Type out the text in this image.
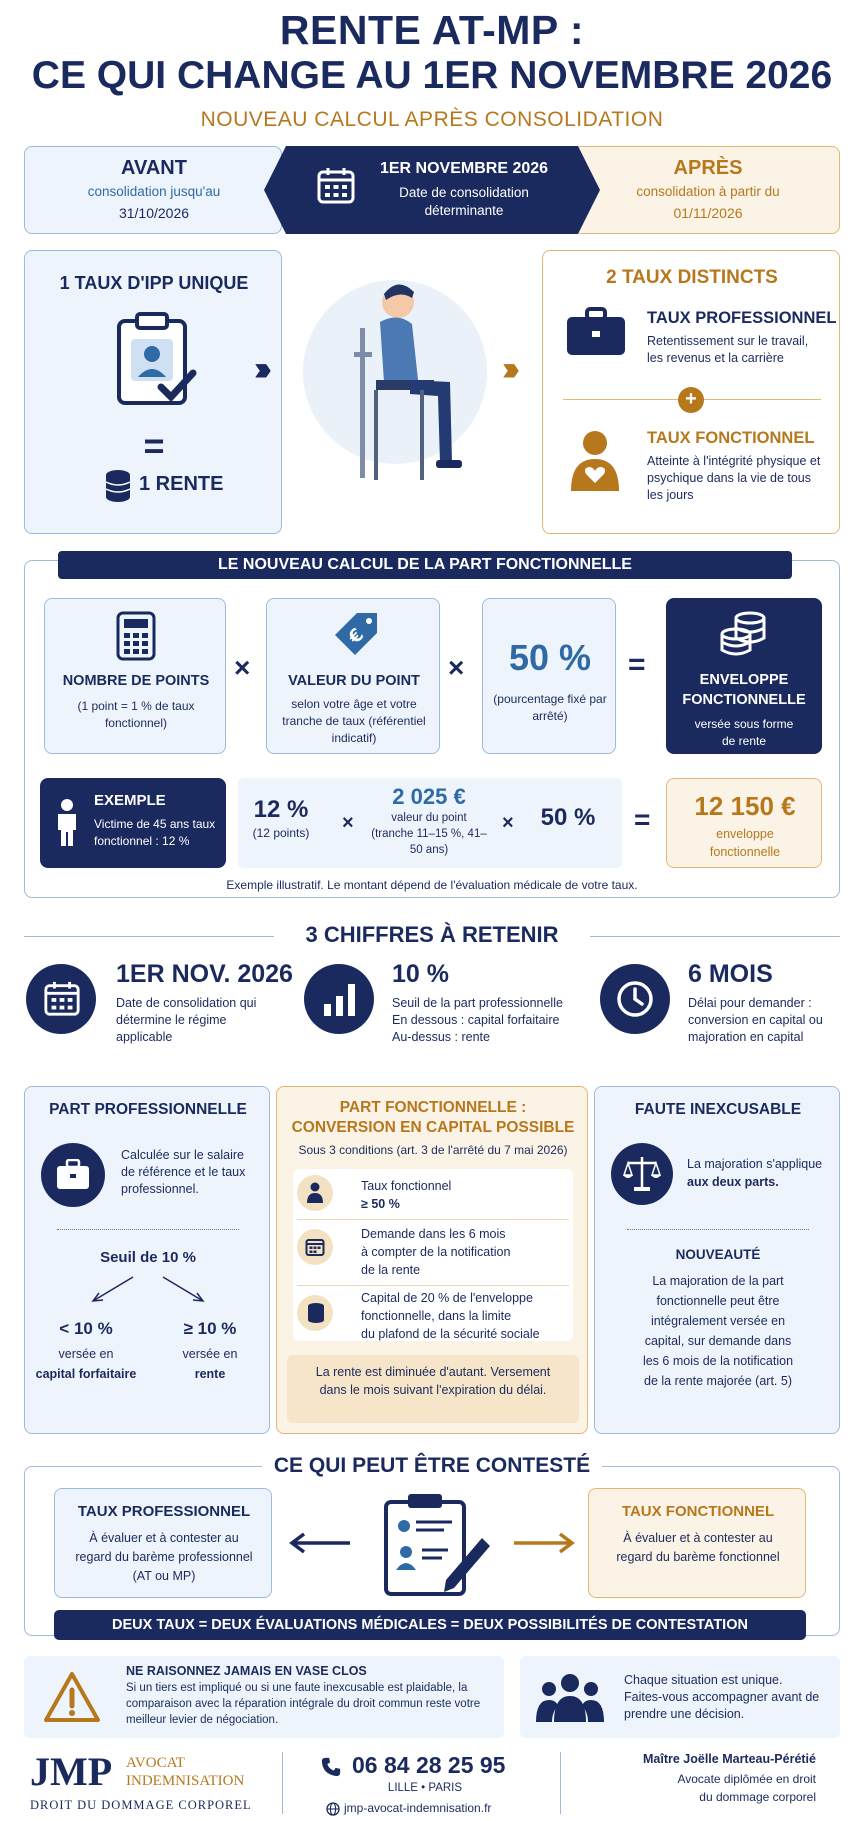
RENTE AT-MP :
CE QUI CHANGE AU 1ER NOVEMBRE 2026
NOUVEAU CALCUL APRÈS CONSOLIDATION
AVANT
consolidation jusqu'au
31/10/2026
APRÈS
consolidation à partir du
01/11/2026
1ER NOVEMBRE 2026
Date de consolidation déterminante
1 TAUX D'IPP UNIQUE
=
1 RENTE
›››	›››
2 TAUX DISTINCTS
TAUX PROFESSIONNEL
Retentissement sur le travail, les revenus et la carrière
+
TAUX FONCTIONNEL
Atteinte à l'intégrité physique et psychique dans la vie de tous les jours
LE NOUVEAU CALCUL DE LA PART FONCTIONNELLE
NOMBRE DE POINTS
(1 point = 1 % de taux fonctionnel)
×
€
VALEUR DU POINT
selon votre âge et votre tranche de taux (référentiel indicatif)
×	50 %
(pourcentage fixé par arrêté)
=	ENVELOPPE FONCTIONNELLE
versée sous forme de rente
EXEMPLE
Victime de 45 ans taux fonctionnel : 12 %
12 %
(12 points)	×
2 025 €
valeur du point (tranche 11–15 %, 41–50 ans)
×	50 %	=	12 150 €
enveloppe fonctionnelle
Exemple illustratif. Le montant dépend de l'évaluation médicale de votre taux.
3 CHIFFRES À RETENIR
1ER NOV. 2026
Date de consolidation qui détermine le régime applicable
10 %
Seuil de la part professionnelle En dessous : capital forfaitaire Au-dessus : rente
6 MOIS
Délai pour demander : conversion en capital ou majoration en capital
PART PROFESSIONNELLE
Calculée sur le salaire de référence et le taux professionnel.
Seuil de 10 %
< 10 %
versée en
capital forfaitaire
≥ 10 %
versée en
rente
PART FONCTIONNELLE :
CONVERSION EN CAPITAL POSSIBLE
Sous 3 conditions (art. 3 de l'arrêté du 7 mai 2026)
Taux fonctionnel
≥ 50 %
Demande dans les 6 mois
à compter de la notification
de la rente
Capital de 20 % de l'enveloppe
fonctionnelle, dans la limite
du plafond de la sécurité sociale
La rente est diminuée d'autant. Versement dans le mois suivant l'expiration du délai.
FAUTE INEXCUSABLE
La majoration s'applique
aux deux parts.
NOUVEAUTÉ
La majoration de la part fonctionnelle peut être intégralement versée en capital, sur demande dans les 6 mois de la notification de la rente majorée (art. 5)
CE QUI PEUT ÊTRE CONTESTÉ
TAUX PROFESSIONNEL
À évaluer et à contester au regard du barème professionnel (AT ou MP)
TAUX FONCTIONNEL
À évaluer et à contester au regard du barème fonctionnel
DEUX TAUX = DEUX ÉVALUATIONS MÉDICALES = DEUX POSSIBILITÉS DE CONTESTATION
NE RAISONNEZ JAMAIS EN VASE CLOS
Si un tiers est impliqué ou si une faute inexcusable est plaidable, la comparaison avec la réparation intégrale du droit commun reste votre meilleur levier de négociation.
Chaque situation est unique. Faites-vous accompagner avant de prendre une décision.
JMP AVOCAT
INDEMNISATION
DROIT DU DOMMAGE CORPOREL
06 84 28 25 95
LILLE • PARIS
jmp-avocat-indemnisation.fr
Maître Joëlle Marteau-Pérétié
Avocate diplômée en droit
du dommage corporel
